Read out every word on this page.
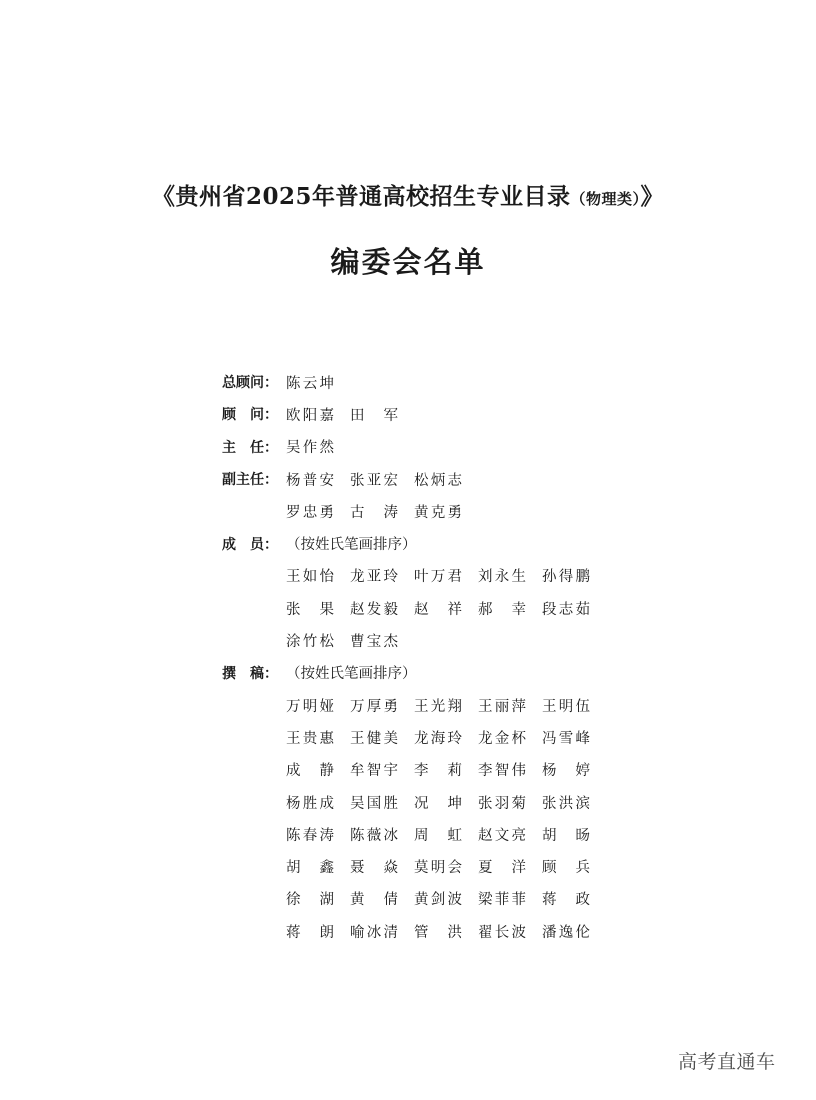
《贵州省2025年普通高校招生专业目录（物理类）》
编委会名单
总顾问： 陈云坤
顾　问： 欧阳嘉	田　军
主　任： 吴作然
副主任： 杨普安	张亚宏	松炳志
罗忠勇	古　涛	黄克勇
成　员： （按姓氏笔画排序）
王如怡	龙亚玲	叶万君	刘永生	孙得鹏
张　果	赵发毅	赵　祥	郝　幸	段志茹
涂竹松	曹宝杰
撰　稿： （按姓氏笔画排序）
万明娅	万厚勇	王光翔	王丽萍	王明伍
王贵惠	王健美	龙海玲	龙金杯	冯雪峰
成　静	牟智宇	李　莉	李智伟	杨　婷
杨胜成	吴国胜	况　坤	张羽菊	张洪滨
陈春涛	陈薇冰	周　虹	赵文亮	胡　旸
胡　鑫	聂　焱	莫明会	夏　洋	顾　兵
徐　湖	黄　倩	黄剑波	梁菲菲	蒋　政
蒋　朗	喻冰清	管　洪	翟长波	潘逸伦
高考直通车
